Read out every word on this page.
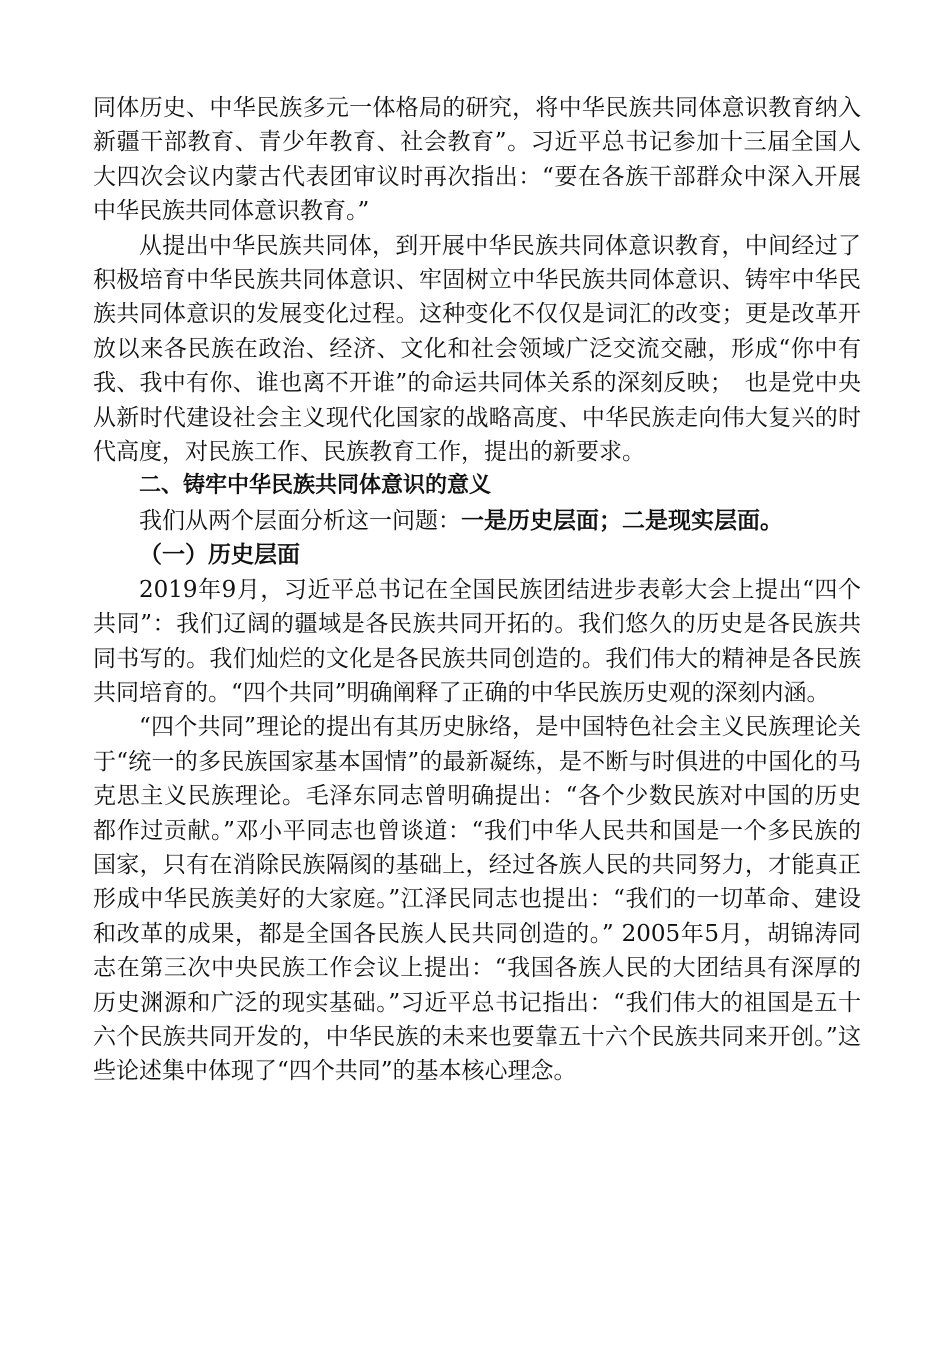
同体历史、中华民族多元一体格局的研究，将中华民族共同体意识教育纳入新疆干部教育、青少年教育、社会教育”。习近平总书记参加十三届全国人大四次会议内蒙古代表团审议时再次指出：“要在各族干部群众中深入开展中华民族共同体意识教育。”

从提出中华民族共同体，到开展中华民族共同体意识教育，中间经过了积极培育中华民族共同体意识、牢固树立中华民族共同体意识、铸牢中华民族共同体意识的发展变化过程。这种变化不仅仅是词汇的改变；更是改革开放以来各民族在政治、经济、文化和社会领域广泛交流交融，形成“你中有我、我中有你、谁也离不开谁”的命运共同体关系的深刻反映；　也是党中央从新时代建设社会主义现代化国家的战略高度、中华民族走向伟大复兴的时代高度，对民族工作、民族教育工作，提出的新要求。

二、铸牢中华民族共同体意识的意义

我们从两个层面分析这一问题：一是历史层面；二是现实层面。

（一）历史层面

2019年9月，习近平总书记在全国民族团结进步表彰大会上提出“四个共同”：我们辽阔的疆域是各民族共同开拓的。我们悠久的历史是各民族共同书写的。我们灿烂的文化是各民族共同创造的。我们伟大的精神是各民族共同培育的。“四个共同”明确阐释了正确的中华民族历史观的深刻内涵。

“四个共同”理论的提出有其历史脉络，是中国特色社会主义民族理论关于“统一的多民族国家基本国情”的最新凝练，是不断与时俱进的中国化的马克思主义民族理论。毛泽东同志曾明确提出：“各个少数民族对中国的历史都作过贡献。”邓小平同志也曾谈道：“我们中华人民共和国是一个多民族的国家，只有在消除民族隔阂的基础上，经过各族人民的共同努力，才能真正形成中华民族美好的大家庭。”江泽民同志也提出：“我们的一切革命、建设和改革的成果，都是全国各民族人民共同创造的。” 2005年5月，胡锦涛同志在第三次中央民族工作会议上提出：“我国各族人民的大团结具有深厚的历史渊源和广泛的现实基础。”习近平总书记指出：“我们伟大的祖国是五十六个民族共同开发的，中华民族的未来也要靠五十六个民族共同来开创。”这些论述集中体现了“四个共同”的基本核心理念。
